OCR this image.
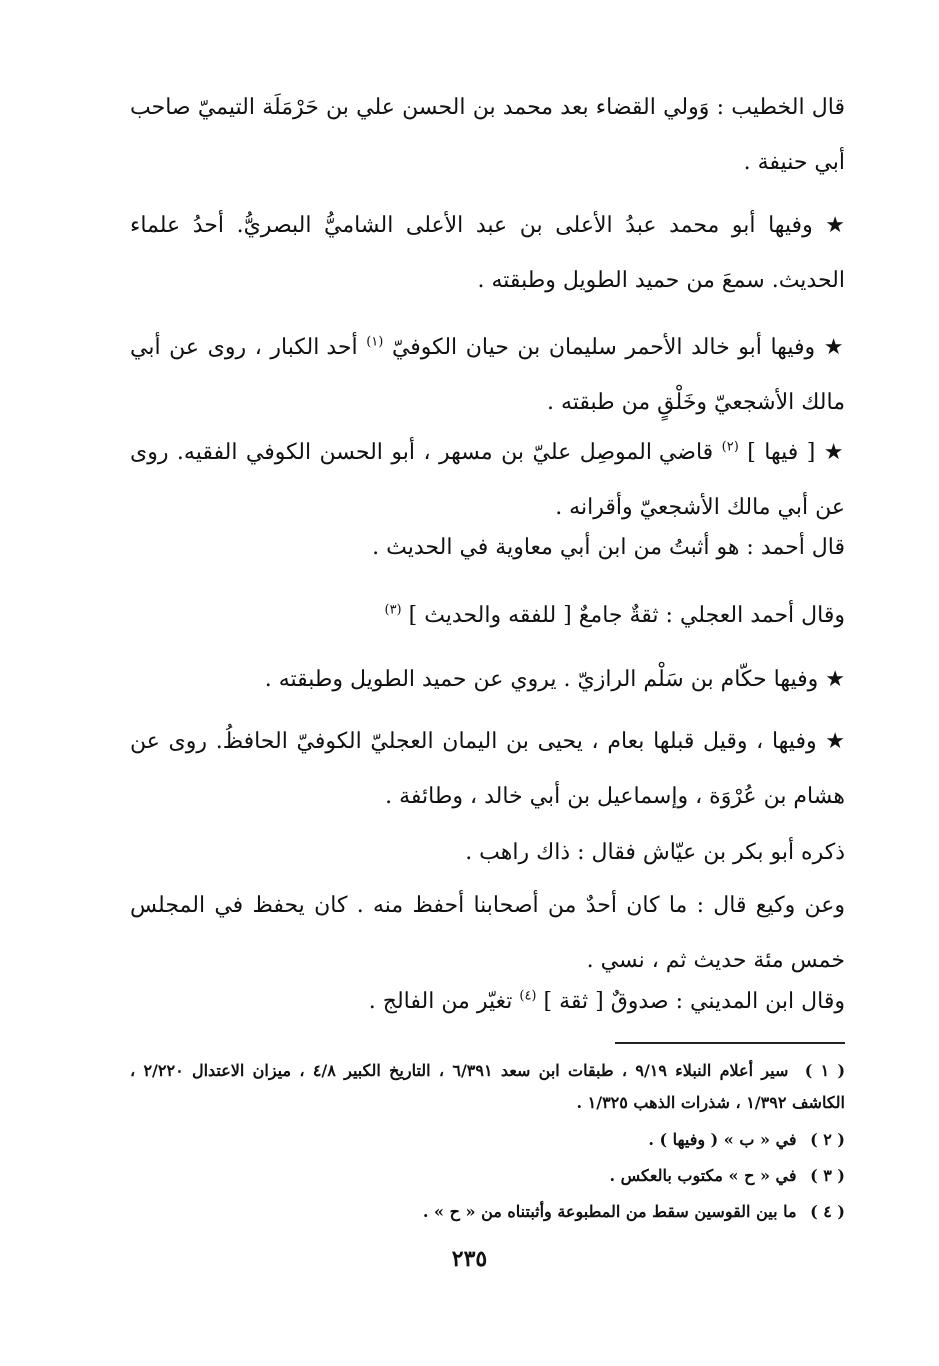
قال الخطيب : وَولي القضاء بعد محمد بن الحسن علي بن حَرْمَلَة التيميّ صاحب أبي حنيفة .

★ وفيها أبو محمد عبدُ الأعلى بن عبد الأعلى الشاميُّ البصريُّ. أحدُ علماء الحديث. سمعَ من حميد الطويل وطبقته .

★ وفيها أبو خالد الأحمر سليمان بن حيان الكوفيّ $^{(١)}$ أحد الكبار ، روى عن أبي مالك الأشجعيّ وخَلْقٍ من طبقته .

★ [ فيها ] $^{(٢)}$ قاضي الموصِل عليّ بن مسهر ، أبو الحسن الكوفي الفقيه. روى عن أبي مالك الأشجعيّ وأقرانه .

قال أحمد : هو أثبتُ من ابن أبي معاوية في الحديث .

وقال أحمد العجلي : ثقةٌ جامعٌ [ للفقه والحديث ] $^{(٣)}$

★ وفيها حكّام بن سَلْم الرازيّ . يروي عن حميد الطويل وطبقته .

★ وفيها ، وقيل قبلها بعام ، يحيى بن اليمان العجليّ الكوفيّ الحافظُ. روى عن هشام بن عُرْوَة ، وإسماعيل بن أبي خالد ، وطائفة .

ذكره أبو بكر بن عيّاش فقال : ذاك راهب .

وعن وكيع قال : ما كان أحدٌ من أصحابنا أحفظ منه . كان يحفظ في المجلس خمس مئة حديث ثم ، نسي .

وقال ابن المديني : صدوقٌ [ ثقة ] $^{(٤)}$ تغيّر من الفالج .

( ١ ) سير أعلام النبلاء ٩/١٩ ، طبقات ابن سعد ٦/٣٩١ ، التاريخ الكبير ٤/٨ ، ميزان الاعتدال ٢/٢٢٠ ، الكاشف ١/٣٩٢ ، شذرات الذهب ١/٣٢٥ .
( ٢ ) في « ب » ( وفيها ) .
( ٣ ) في « ح » مكتوب بالعكس .
( ٤ ) ما بين القوسين سقط من المطبوعة وأثبتناه من « ح » .
٢٣٥
